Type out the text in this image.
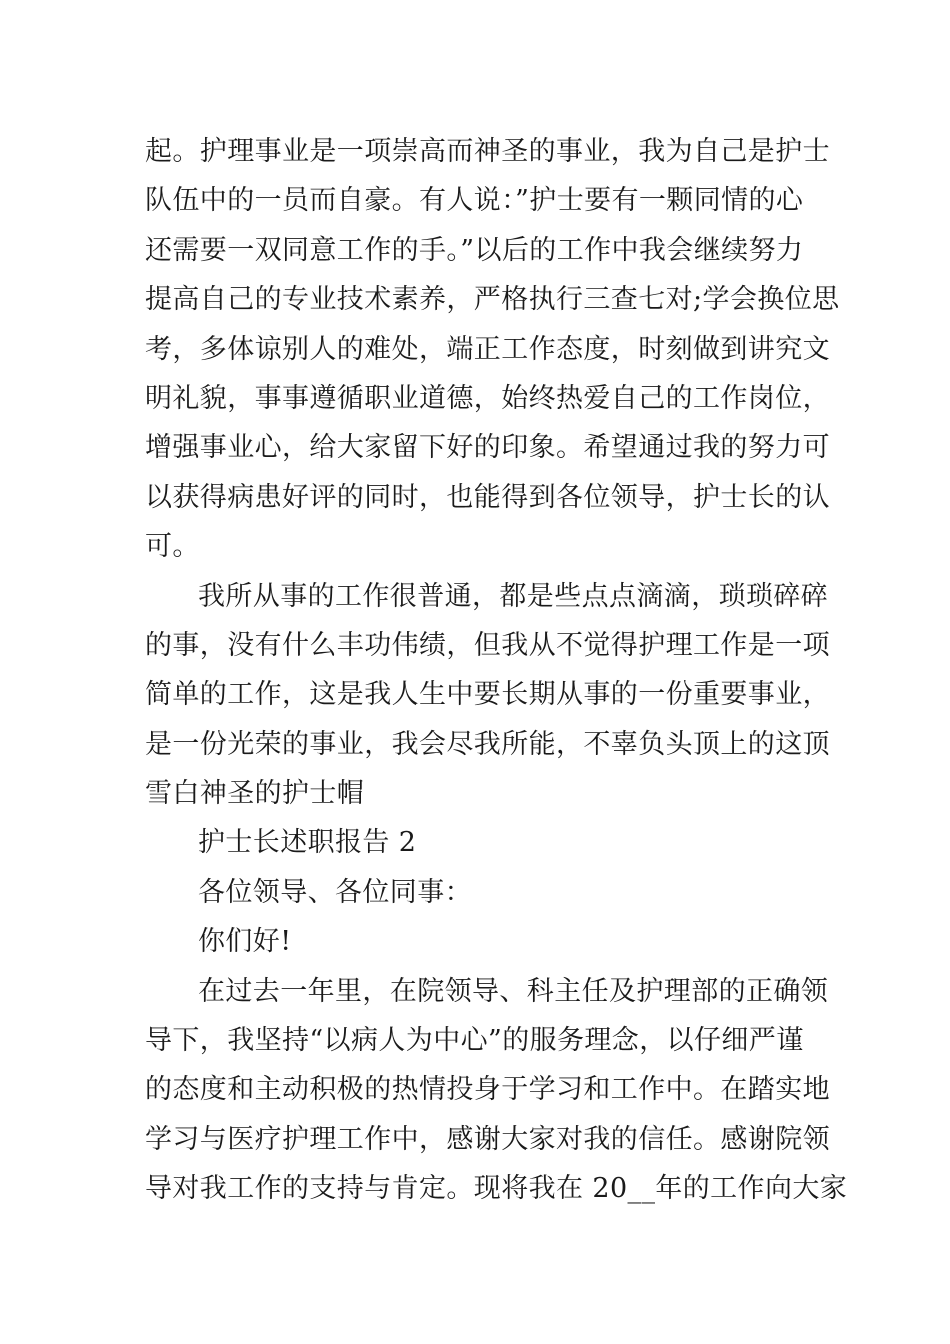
起。护理事业是一项崇高而神圣的事业，我为自己是护士
队伍中的一员而自豪。有人说：”护士要有一颗同情的心
还需要一双同意工作的手。”以后的工作中我会继续努力
提高自己的专业技术素养，严格执行三查七对;学会换位思
考，多体谅别人的难处，端正工作态度，时刻做到讲究文
明礼貌，事事遵循职业道德，始终热爱自己的工作岗位，
增强事业心，给大家留下好的印象。希望通过我的努力可
以获得病患好评的同时，也能得到各位领导，护士长的认
可。
我所从事的工作很普通，都是些点点滴滴，琐琐碎碎
的事，没有什么丰功伟绩，但我从不觉得护理工作是一项
简单的工作，这是我人生中要长期从事的一份重要事业，
是一份光荣的事业，我会尽我所能，不辜负头顶上的这顶
雪白神圣的护士帽
护士长述职报告 2
各位领导、各位同事：
你们好!
在过去一年里，在院领导、科主任及护理部的正确领
导下，我坚持“以病人为中心”的服务理念，以仔细严谨
的态度和主动积极的热情投身于学习和工作中。在踏实地
学习与医疗护理工作中，感谢大家对我的信任。感谢院领
导对我工作的支持与肯定。现将我在 20__年的工作向大家
